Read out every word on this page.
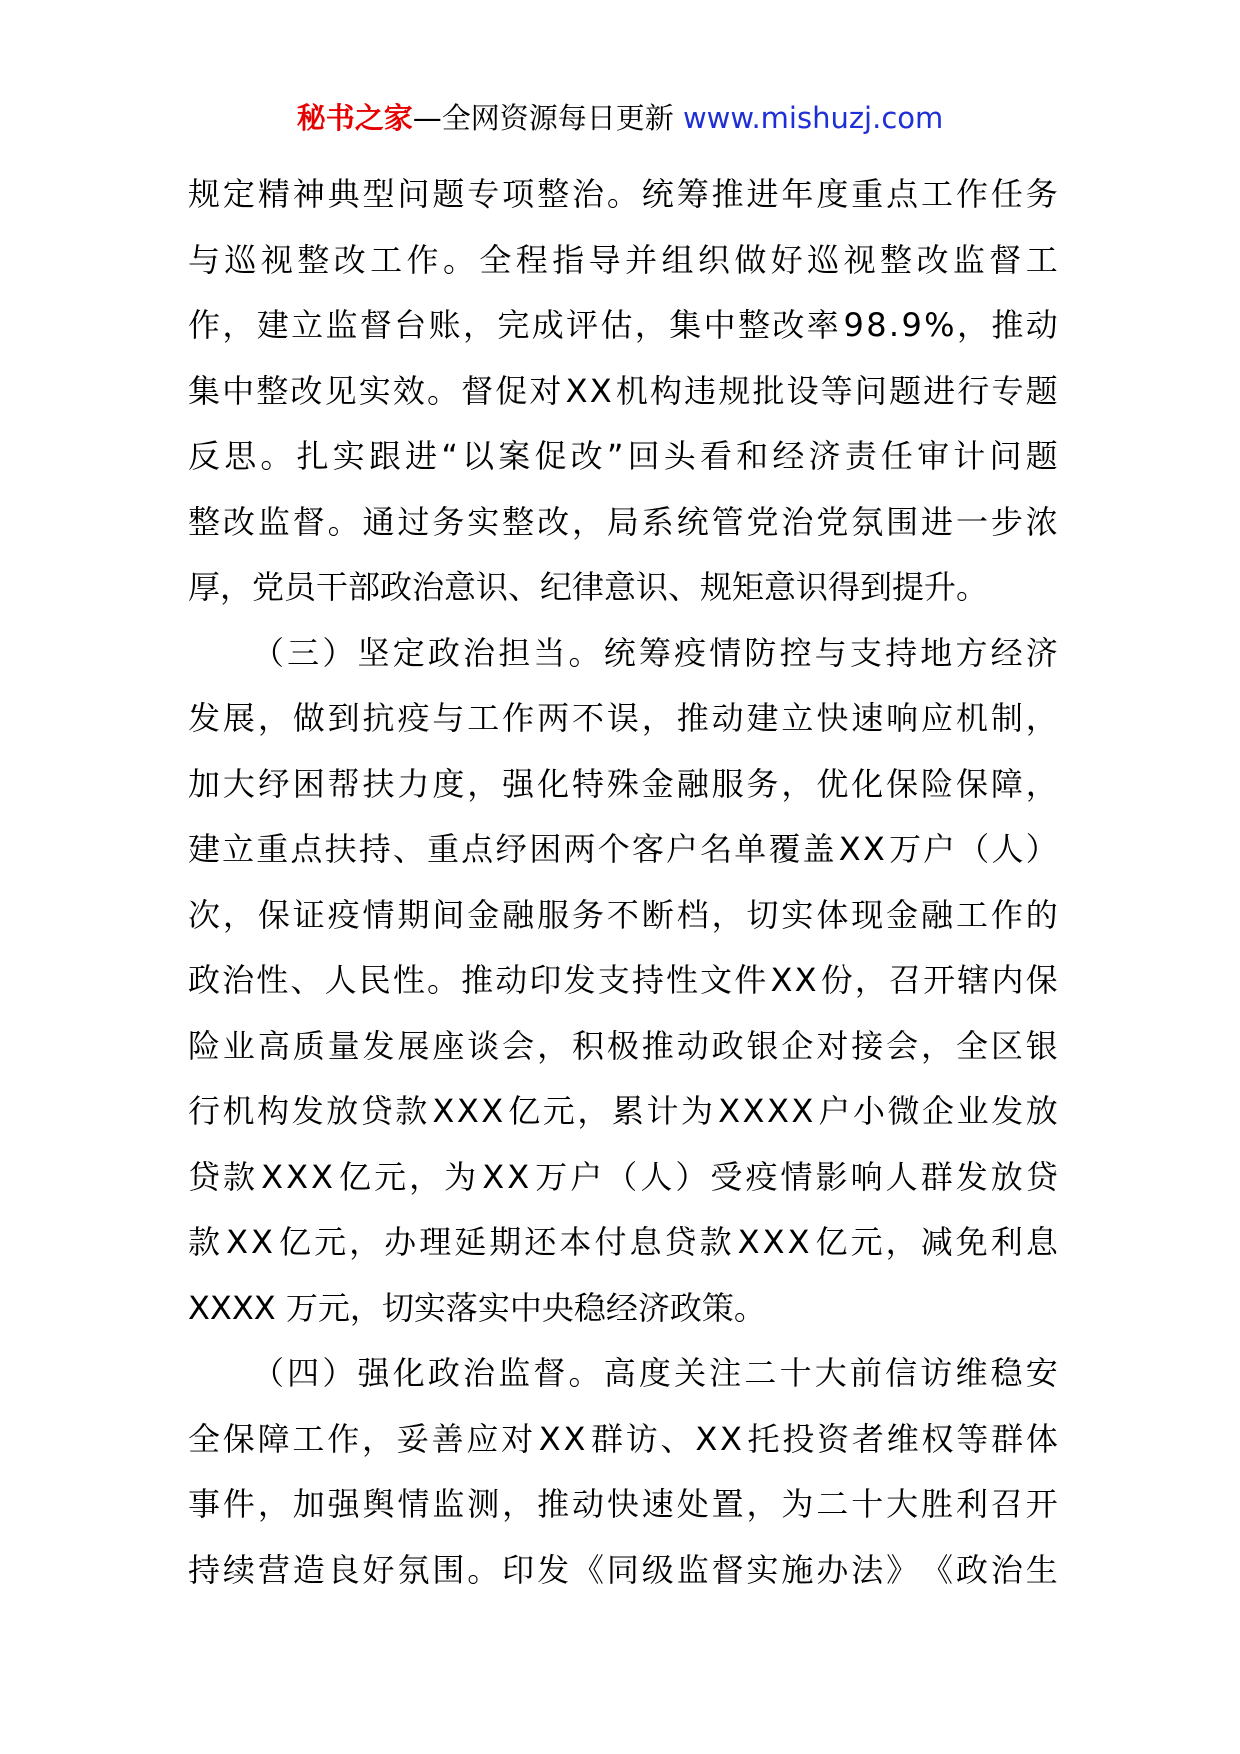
秘书之家—全网资源每日更新 www.mishuzj.com
规 定 精 神 典 型 问 题 专 项 整 治 。 统 筹 推 进 年 度 重 点 工 作 任 务
与 巡 视 整 改 工 作 。 全 程 指 导 并 组 织 做 好 巡 视 整 改 监 督 工
作 ， 建 立 监 督 台 账 ， 完 成 评 估 ， 集 中 整 改 率 9 8 . 9 % ， 推 动
集 中 整 改 见 实 效 。 督 促 对 X X 机 构 违 规 批 设 等 问 题 进 行 专 题
反 思 。 扎 实 跟 进 “ 以 案 促 改 ” 回 头 看 和 经 济 责 任 审 计 问 题
整 改 监 督 。 通 过 务 实 整 改 ， 局 系 统 管 党 治 党 氛 围 进 一 步 浓
厚，党员干部政治意识、纪律意识、规矩意识得到提升。
（ 三 ） 坚 定 政 治 担 当 。 统 筹 疫 情 防 控 与 支 持 地 方 经 济
发 展 ， 做 到 抗 疫 与 工 作 两 不 误 ， 推 动 建 立 快 速 响 应 机 制 ，
加 大 纾 困 帮 扶 力 度 ， 强 化 特 殊 金 融 服 务 ， 优 化 保 险 保 障 ，
建 立 重 点 扶 持 、 重 点 纾 困 两 个 客 户 名 单 覆 盖 X X 万 户 （ 人 ）
次 ， 保 证 疫 情 期 间 金 融 服 务 不 断 档 ， 切 实 体 现 金 融 工 作 的
政 治 性 、 人 民 性 。 推 动 印 发 支 持 性 文 件 X X 份 ， 召 开 辖 内 保
险 业 高 质 量 发 展 座 谈 会 ， 积 极 推 动 政 银 企 对 接 会 ， 全 区 银
行 机 构 发 放 贷 款 X X X 亿 元 ， 累 计 为 X X X X 户 小 微 企 业 发 放
贷 款 X X X 亿 元 ， 为 X X 万 户 （ 人 ） 受 疫 情 影 响 人 群 发 放 贷
款 X X 亿 元 ， 办 理 延 期 还 本 付 息 贷 款 X X X 亿 元 ， 减 免 利 息
XXXX 万元，切实落实中央稳经济政策。
（ 四 ） 强 化 政 治 监 督 。 高 度 关 注 二 十 大 前 信 访 维 稳 安
全 保 障 工 作 ， 妥 善 应 对 X X 群 访 、 X X 托 投 资 者 维 权 等 群 体
事 件 ， 加 强 舆 情 监 测 ， 推 动 快 速 处 置 ， 为 二 十 大 胜 利 召 开
持 续 营 造 良 好 氛 围 。 印 发 《 同 级 监 督 实 施 办 法 》 《 政 治 生
